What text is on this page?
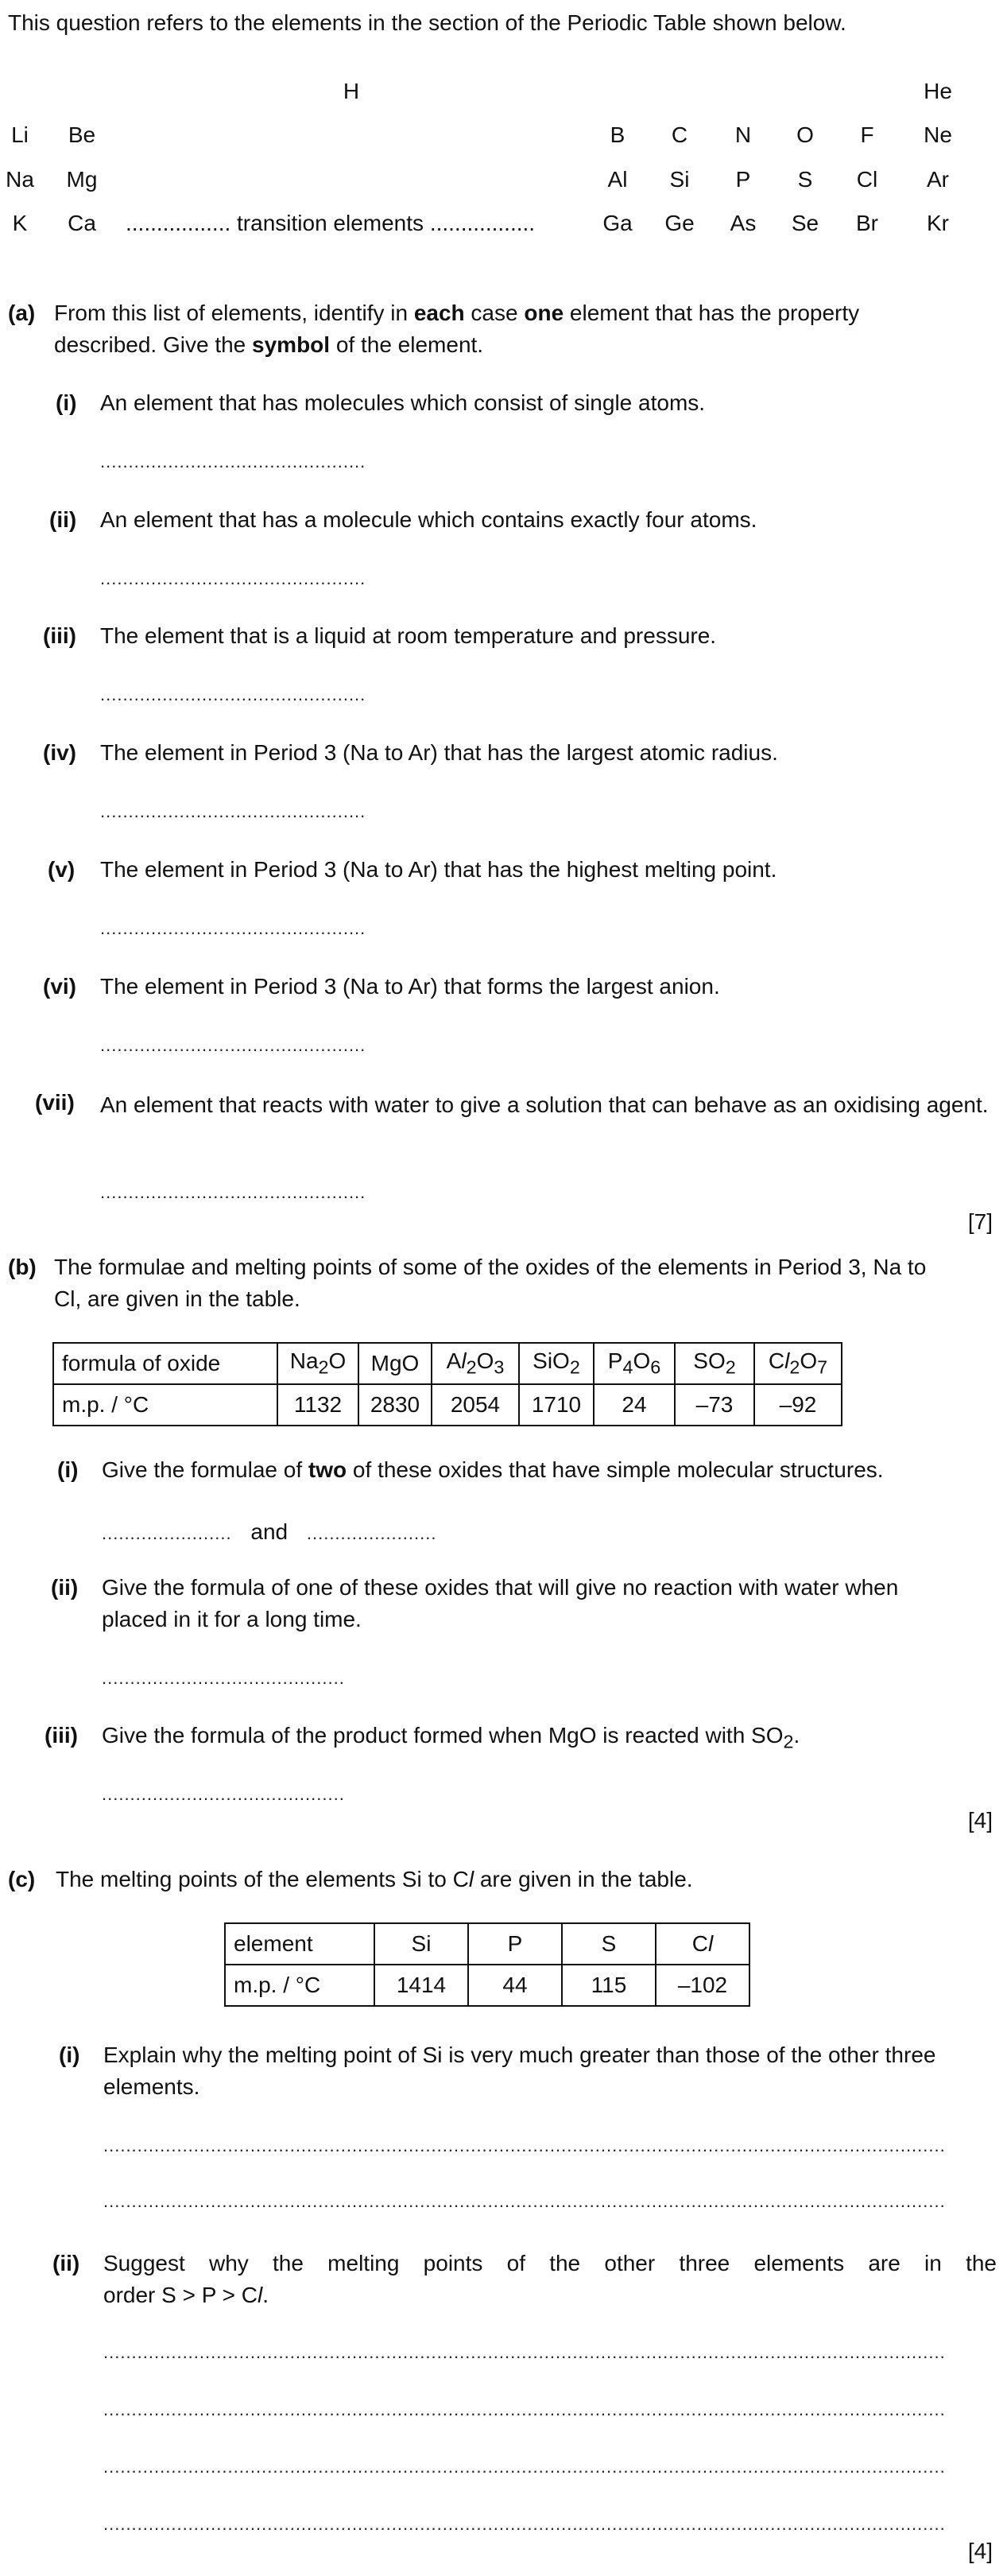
This question refers to the elements in the section of the Periodic Table shown below.
H	He
Li	Be	B	C	N	O	F	Ne
Na	Mg	Al	Si	P	S	Cl	Ar
K	Ca ................. transition elements .................	Ga Ge	As	Se	Br	Kr
(a) From this list of elements, identify in each case one element that has the property
described. Give the symbol of the element.
(i) An element that has molecules which consist of single atoms.
...............................................
(ii) An element that has a molecule which contains exactly four atoms.
...............................................
(iii) The element that is a liquid at room temperature and pressure.
...............................................
(iv) The element in Period 3 (Na to Ar) that has the largest atomic radius.
...............................................
(v) The element in Period 3 (Na to Ar) that has the highest melting point.
...............................................
(vi) The element in Period 3 (Na to Ar) that forms the largest anion.
...............................................
(vii) An element that reacts with water to give a solution that can behave as an oxidising agent.
...............................................
[7]
(b) The formulae and melting points of some of the oxides of the elements in Period 3, Na to
Cl, are given in the table.
formula of oxide	$Na_2O$	MgO	$Al_2O_3$	SiO$_2$	$P_4O_6$	$SO_2$	$Cl_2O_7$
m.p. / °C	1132	2830	2054	1710	24	–73	–92
(i) Give the formulae of two of these oxides that have simple molecular structures.
....................... and .......................
(ii) Give the formula of one of these oxides that will give no reaction with water when
placed in it for a long time.
...........................................
(iii) Give the formula of the product formed when MgO is reacted with $SO_2$.
...........................................
[4]
(c) The melting points of the elements Si to Cl are given in the table.
element	Si	P	S	Cl
m.p. / °C	1414	44	115	–102
(i) Explain why the melting point of Si is very much greater than those of the other three
elements.
.....................................................................................................................................................
.....................................................................................................................................................
(ii) Suggest why the melting points of the other three elements are in the
order S > P > Cl.
.....................................................................................................................................................
.....................................................................................................................................................
.....................................................................................................................................................
.....................................................................................................................................................
[4]
